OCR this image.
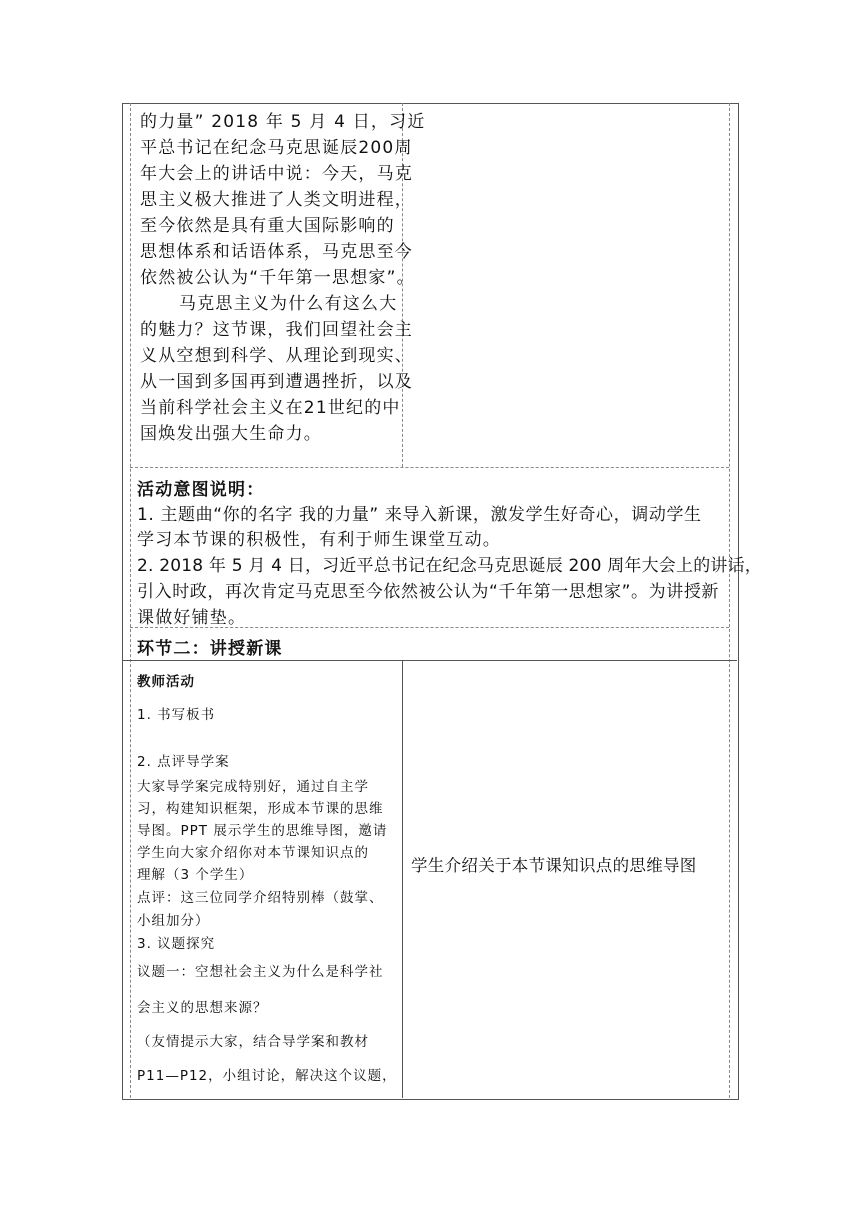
的力量” 2018 年 5 月 4 日，习近
平总书记在纪念马克思诞辰200周
年大会上的讲话中说：今天，马克
思主义极大推进了人类文明进程，
至今依然是具有重大国际影响的
思想体系和话语体系，马克思至今
依然被公认为“千年第一思想家”。
马克思主义为什么有这么大
的魅力？这节课，我们回望社会主
义从空想到科学、从理论到现实、
从一国到多国再到遭遇挫折，以及
当前科学社会主义在21世纪的中
国焕发出强大生命力。
活动意图说明：
1. 主题曲“你的名字 我的力量” 来导入新课，激发学生好奇心，调动学生
学习本节课的积极性，有利于师生课堂互动。
2. 2018 年 5 月 4 日，习近平总书记在纪念马克思诞辰 200 周年大会上的讲话，
引入时政，再次肯定马克思至今依然被公认为“千年第一思想家”。为讲授新
课做好铺垫。
环节二：讲授新课
教师活动
1. 书写板书
2. 点评导学案
大家导学案完成特别好，通过自主学
习，构建知识框架，形成本节课的思维
导图。PPT 展示学生的思维导图，邀请
学生向大家介绍你对本节课知识点的
理解（3 个学生）
点评：这三位同学介绍特别棒（鼓掌、
小组加分）
3. 议题探究
议题一：空想社会主义为什么是科学社
会主义的思想来源？
（友情提示大家，结合导学案和教材
P11—P12，小组讨论，解决这个议题，
学生介绍关于本节课知识点的思维导图
